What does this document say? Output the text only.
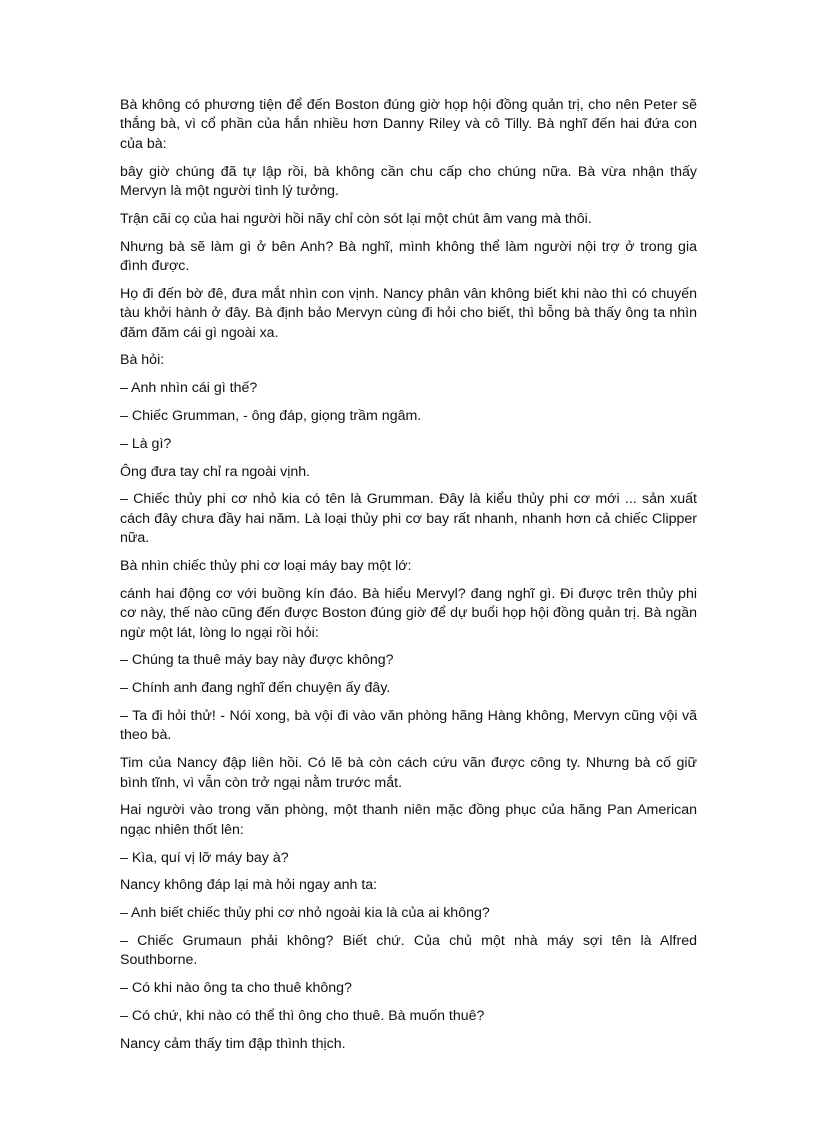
Bà không có phương tiện để đến Boston đúng giờ họp hội đồng quản trị, cho nên Peter sẽ thắng bà, vì cổ phần của hắn nhiều hơn Danny Riley và cô Tilly. Bà nghĩ đến hai đứa con của bà:

bây giờ chúng đã tự lập rồi, bà không cần chu cấp cho chúng nữa. Bà vừa nhận thấy Mervyn là một người tình lý tưởng.

Trận cãi cọ của hai người hồi nãy chỉ còn sót lại một chút âm vang mà thôi.

Nhưng bà sẽ làm gì ở bên Anh? Bà nghĩ, mình không thể làm người nội trợ ở trong gia đình được.

Họ đi đến bờ đê, đưa mắt nhìn con vịnh. Nancy phân vân không biết khi nào thì có chuyến tàu khởi hành ở đây. Bà định bảo Mervyn cùng đi hỏi cho biết, thì bỗng bà thấy ông ta nhìn đăm đăm cái gì ngoài xa.

Bà hỏi:

– Anh nhìn cái gì thế?

– Chiếc Grumman, - ông đáp, giọng trầm ngâm.

– Là gì?

Ông đưa tay chỉ ra ngoài vịnh.

– Chiếc thủy phi cơ nhỏ kia có tên là Grumman. Đây là kiểu thủy phi cơ mới ... sản xuất cách đây chưa đầy hai năm. Là loại thủy phi cơ bay rất nhanh, nhanh hơn cả chiếc Clipper nữa.

Bà nhìn chiếc thủy phi cơ loại máy bay một lớ:

cánh hai động cơ với buồng kín đáo. Bà hiểu Mervyl? đang nghĩ gì. Đi được trên thủy phi cơ này, thế nào cũng đến được Boston đúng giờ để dự buổi họp hội đồng quản trị. Bà ngần ngừ một lát, lòng lo ngại rồi hỏi:

– Chúng ta thuê máy bay này được không?

– Chính anh đang nghĩ đến chuyện ấy đây.

– Ta đi hỏi thử! - Nói xong, bà vội đi vào văn phòng hãng Hàng không, Mervyn cũng vội vã theo bà.

Tim của Nancy đập liên hồi. Có lẽ bà còn cách cứu vãn được công ty. Nhưng bà cố giữ bình tĩnh, vì vẫn còn trở ngại nằm trước mắt.

Hai người vào trong văn phòng, một thanh niên mặc đồng phục của hãng Pan American ngạc nhiên thốt lên:

– Kìa, quí vị lỡ máy bay à?

Nancy không đáp lại mà hỏi ngay anh ta:

– Anh biết chiếc thủy phi cơ nhỏ ngoài kia là của ai không?

– Chiếc Grumaun phải không? Biết chứ. Của chủ một nhà máy sợi tên là Alfred Southborne.

– Có khi nào ông ta cho thuê không?

– Có chứ, khi nào có thể thì ông cho thuê. Bà muốn thuê?

Nancy cảm thấy tim đập thình thịch.
